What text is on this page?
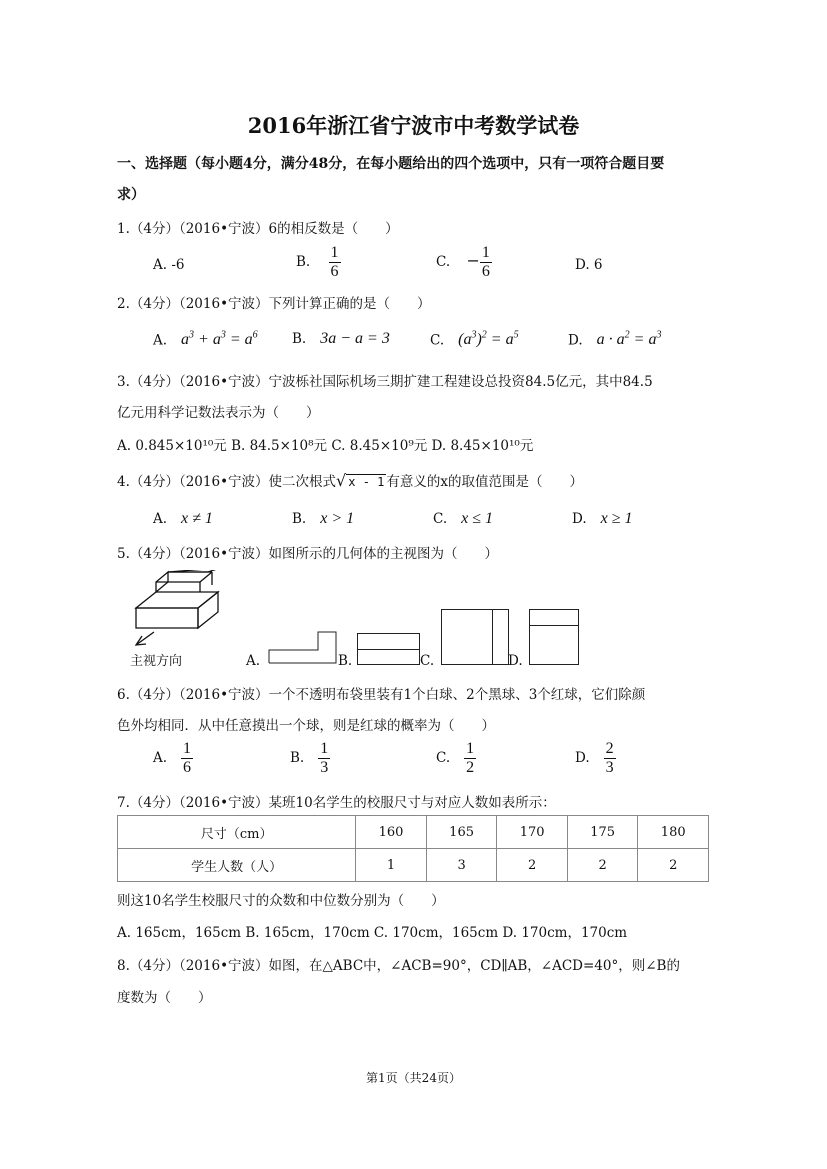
2016年浙江省宁波市中考数学试卷
一、选择题（每小题4分，满分48分，在每小题给出的四个选项中，只有一项符合题目要
求）
1.（4分）（2016•宁波）6的相反数是（　　）
A. -6	B. $\frac{1}{6}$	C. − $\frac{1}{6}$	D. 6
2.（4分）（2016•宁波）下列计算正确的是（　　）
A. $a^3 + a^3 = a^6$	B. 3a − a = 3	C. $(a^3)^2 = a^5$	D. $a \cdot a^2 = a^3$
3.（4分）（2016•宁波）宁波栎社国际机场三期扩建工程建设总投资84.5亿元，其中84.5
亿元用科学记数法表示为（　　）
A. 0.845×10¹⁰元 B. 84.5×10⁸元 C. 8.45×10⁹元 D. 8.45×10¹⁰元
4.（4分）（2016•宁波）使二次根式√ x - 1 有意义的x的取值范围是（　　）
A. x ≠ 1	B. x > 1	C. x ≤ 1	D. x ≥ 1
5.（4分）（2016•宁波）如图所示的几何体的主视图为（　　）
主视方向	A.	B.	C.	D.
6.（4分）（2016•宁波）一个不透明布袋里装有1个白球、2个黑球、3个红球，它们除颜
色外均相同．从中任意摸出一个球，则是红球的概率为（　　）
A. $\frac{1}{6}$	B. $\frac{1}{3}$	C. $\frac{1}{2}$	D. $\frac{2}{3}$
7.（4分）（2016•宁波）某班10名学生的校服尺寸与对应人数如表所示：
尺寸（cm）	160	165	170	175	180
学生人数（人）	1	3	2	2	2
则这10名学生校服尺寸的众数和中位数分别为（　　）
A. 165cm，165cm B. 165cm，170cm C. 170cm，165cm D. 170cm，170cm
8.（4分）（2016•宁波）如图，在△ABC中，∠ACB=90°，CD∥AB，∠ACD=40°，则∠B的
度数为（　　）
第1页（共24页）
